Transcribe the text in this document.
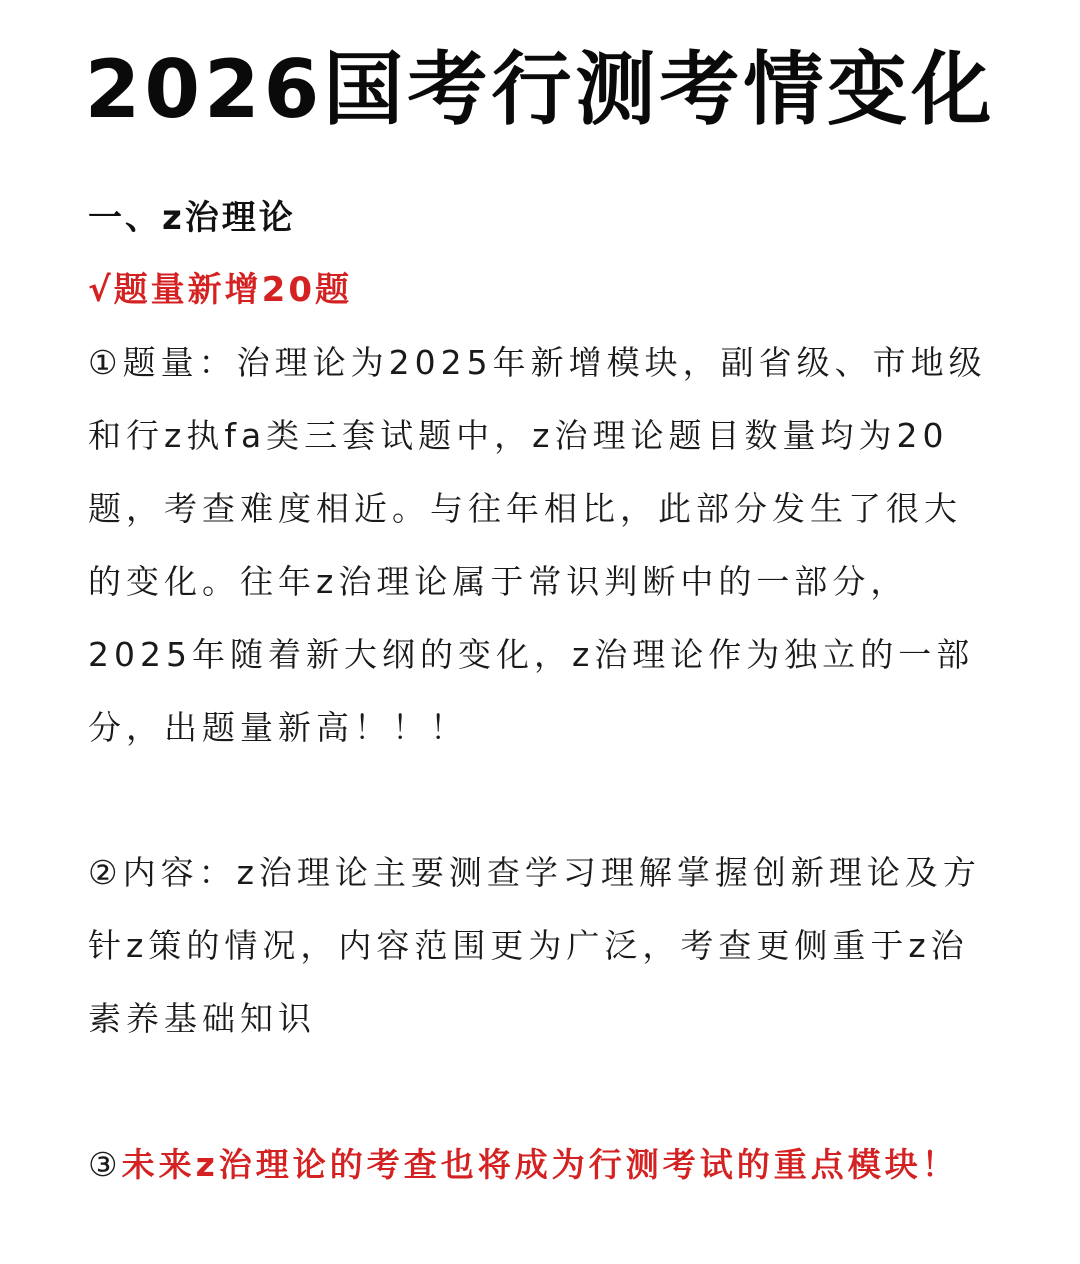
2026国考行测考情变化
一、z治理论
√题量新增20题
①题量：治理论为2025年新增模块，副省级、市地级
和行z执fa类三套试题中，z治理论题目数量均为20
题，考查难度相近。与往年相比，此部分发生了很大
的变化。往年z治理论属于常识判断中的一部分，
2025年随着新大纲的变化，z治理论作为独立的一部
分，出题量新高！！！
②内容：z治理论主要测查学习理解掌握创新理论及方
针z策的情况，内容范围更为广泛，考查更侧重于z治
素养基础知识
③未来z治理论的考查也将成为行测考试的重点模块！
